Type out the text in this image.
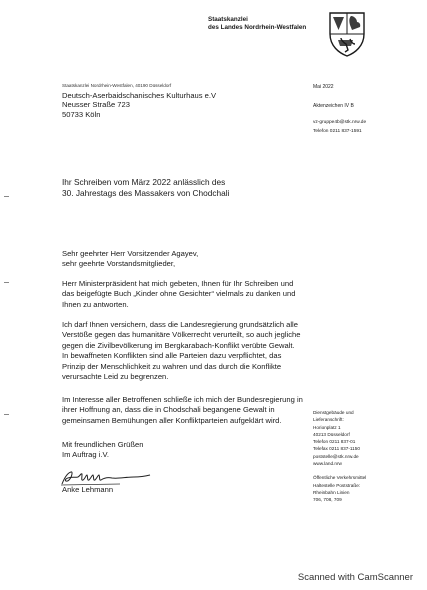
Staatskanzlei
des Landes Nordrhein-Westfalen
Staatskanzlei Nordrhein-Westfalen, 40190 Düsseldorf
Deutsch-Aserbaidschanisches Kulturhaus e.V
Neusser Straße 723
50733 Köln
Mai 2022
Aktenzeichen IV B
vz-gruppe4b@stk.nrw.de
Telefon 0211 837-1591
Ihr Schreiben vom März 2022 anlässlich des
30. Jahrestags des Massakers von Chodchali
Sehr geehrter Herr Vorsitzender Agayev,
sehr geehrte Vorstandsmitglieder,
Herr Ministerpräsident hat mich gebeten, Ihnen für Ihr Schreiben und
das beigefügte Buch „Kinder ohne Gesichter“ vielmals zu danken und
Ihnen zu antworten.
Ich darf Ihnen versichern, dass die Landesregierung grundsätzlich alle
Verstöße gegen das humanitäre Völkerrecht verurteilt, so auch jegliche
gegen die Zivilbevölkerung im Bergkarabach-Konflikt verübte Gewalt.
In bewaffneten Konflikten sind alle Parteien dazu verpflichtet, das
Prinzip der Menschlichkeit zu wahren und das durch die Konflikte
verursachte Leid zu begrenzen.
Im Interesse aller Betroffenen schließe ich mich der Bundesregierung in
ihrer Hoffnung an, dass die in Chodschali begangene Gewalt in
gemeinsamen Bemühungen aller Konfliktparteien aufgeklärt wird.
Mit freundlichen Grüßen
Im Auftrag i.V.
Anke Lehmann
Dienstgebäude und
Lieferanschrift:
Horionplatz 1
40213 Düsseldorf
Telefon 0211 837-01
Telefax 0211 837-1150
poststelle@stk.nrw.de
www.land.nrw
Öffentliche Verkehrsmittel
Haltestelle Poststraße:
Rheinbahn Linien
706, 708, 709
Scanned with CamScanner
